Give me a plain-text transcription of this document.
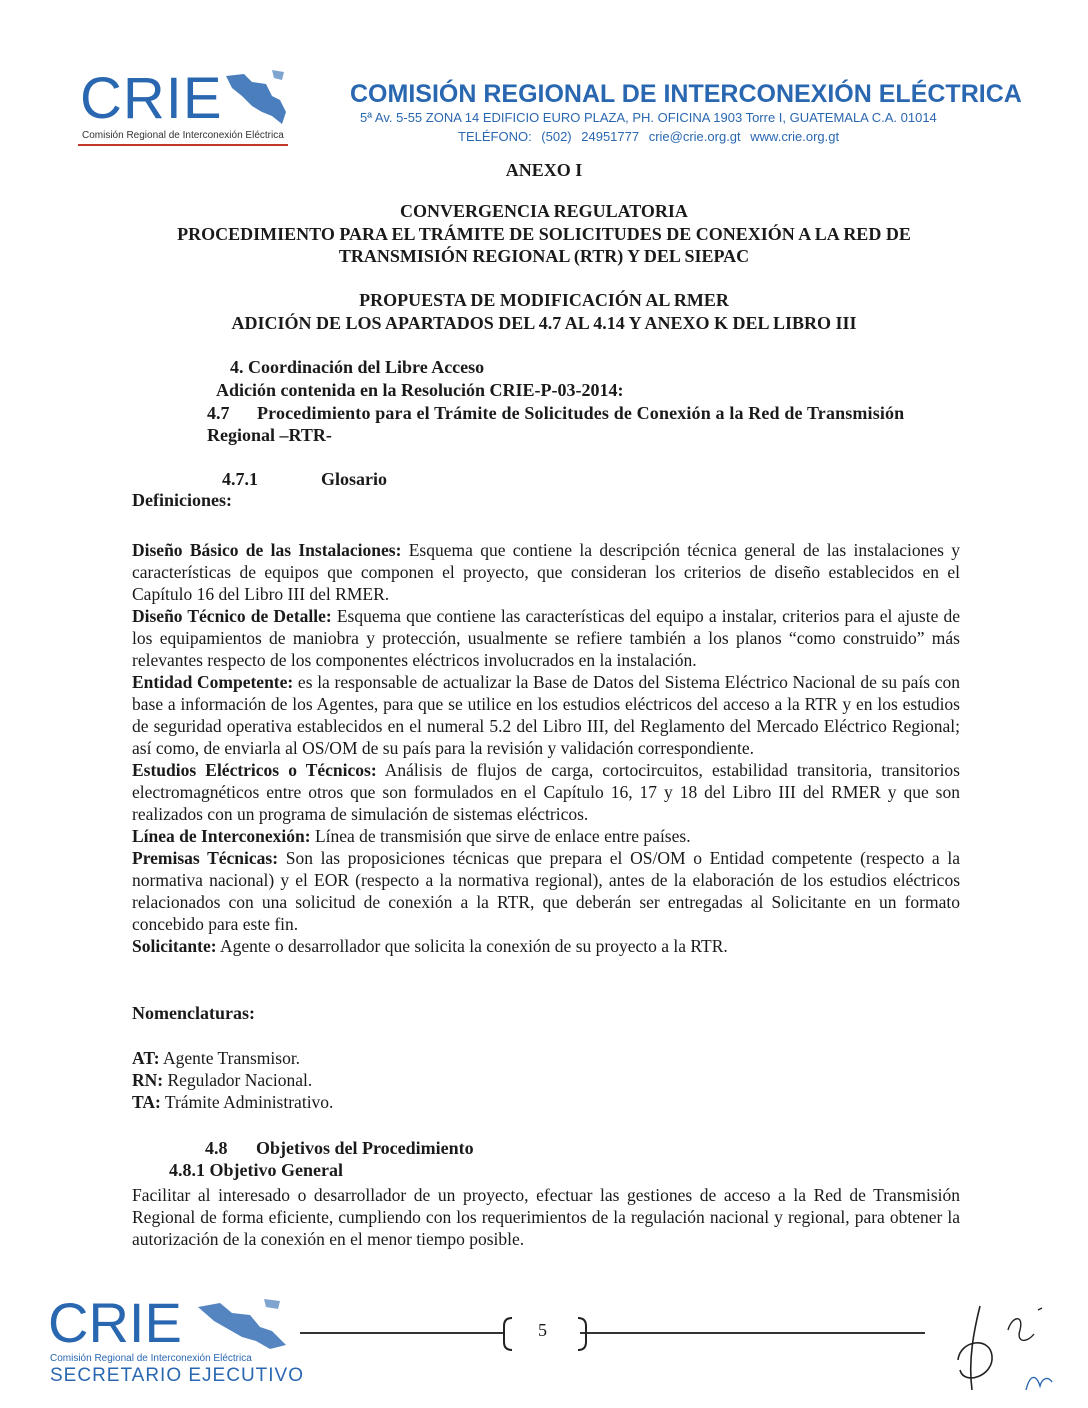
CRIE
Comisión Regional de Interconexión Eléctrica
COMISIÓN REGIONAL DE INTERCONEXIÓN ELÉCTRICA
5ª Av. 5-55 ZONA 14 EDIFICIO EURO PLAZA, PH. OFICINA 1903 Torre I, GUATEMALA C.A. 01014
TELÉFONO: (502) 24951777 crie@crie.org.gt www.crie.org.gt
ANEXO I
CONVERGENCIA REGULATORIA
PROCEDIMIENTO PARA EL TRÁMITE DE SOLICITUDES DE CONEXIÓN A LA RED DE
TRANSMISIÓN REGIONAL (RTR) Y DEL SIEPAC
PROPUESTA DE MODIFICACIÓN AL RMER
ADICIÓN DE LOS APARTADOS DEL 4.7 AL 4.14 Y ANEXO K DEL LIBRO III
4. Coordinación del Libre Acceso
Adición contenida en la Resolución CRIE-P-03-2014:
4.7 Procedimiento para el Trámite de Solicitudes de Conexión a la Red de Transmisión
Regional –RTR-
4.7.1	Glosario
Definiciones:

Diseño Básico de las Instalaciones: Esquema que contiene la descripción técnica general de las instalaciones y características de equipos que componen el proyecto, que consideran los criterios de diseño establecidos en el Capítulo 16 del Libro III del RMER.

Diseño Técnico de Detalle: Esquema que contiene las características del equipo a instalar, criterios para el ajuste de los equipamientos de maniobra y protección, usualmente se refiere también a los planos “como construido” más relevantes respecto de los componentes eléctricos involucrados en la instalación.

Entidad Competente: es la responsable de actualizar la Base de Datos del Sistema Eléctrico Nacional de su país con base a información de los Agentes, para que se utilice en los estudios eléctricos del acceso a la RTR y en los estudios de seguridad operativa establecidos en el numeral 5.2 del Libro III, del Reglamento del Mercado Eléctrico Regional; así como, de enviarla al OS/OM de su país para la revisión y validación correspondiente.

Estudios Eléctricos o Técnicos: Análisis de flujos de carga, cortocircuitos, estabilidad transitoria, transitorios electromagnéticos entre otros que son formulados en el Capítulo 16, 17 y 18 del Libro III del RMER y que son realizados con un programa de simulación de sistemas eléctricos.

Línea de Interconexión: Línea de transmisión que sirve de enlace entre países.

Premisas Técnicas: Son las proposiciones técnicas que prepara el OS/OM o Entidad competente (respecto a la normativa nacional) y el EOR (respecto a la normativa regional), antes de la elaboración de los estudios eléctricos relacionados con una solicitud de conexión a la RTR, que deberán ser entregadas al Solicitante en un formato concebido para este fin.

Solicitante: Agente o desarrollador que solicita la conexión de su proyecto a la RTR.

Nomenclaturas:

AT: Agente Transmisor.

RN: Regulador Nacional.

TA: Trámite Administrativo.

4.8 Objetivos del Procedimiento
4.8.1 Objetivo General

Facilitar al interesado o desarrollador de un proyecto, efectuar las gestiones de acceso a la Red de Transmisión Regional de forma eficiente, cumpliendo con los requerimientos de la regulación nacional y regional, para obtener la autorización de la conexión en el menor tiempo posible.

CRIE
Comisión Regional de Interconexión Eléctrica
SECRETARIO EJECUTIVO
5
